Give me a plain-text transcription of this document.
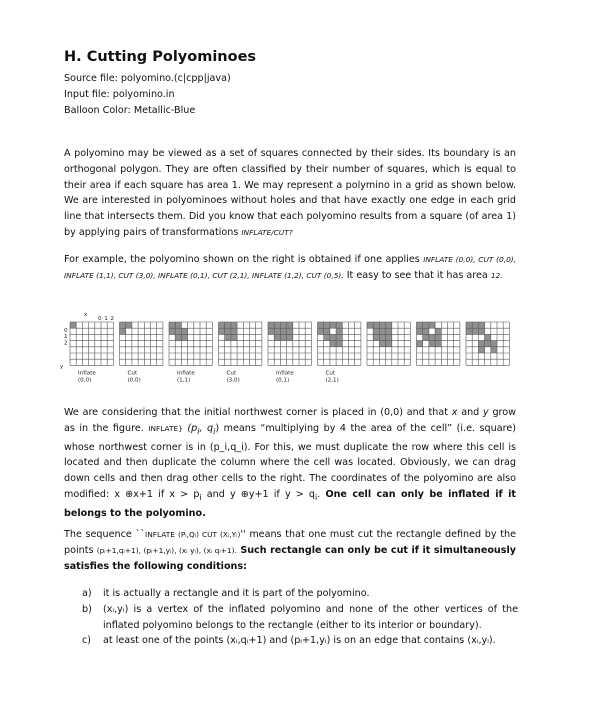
H. Cutting Polyominoes
Source file: polyomino.(c|cpp|java)
Input file: polyomino.in
Balloon Color: Metallic-Blue
A polyomino may be viewed as a set of squares connected by their sides. Its boundary is an orthogonal polygon. They are often classified by their number of squares, which is equal to their area if each square has area 1. We may represent a polymino in a grid as shown below. We are interested in polyominoes without holes and that have exactly one edge in each grid line that intersects them. Did you know that each polyomino results from a square (of area 1) by applying pairs of transformations INFLATE/CUT?
For example, the polyomino shown on the right is obtained if one applies INFLATE (0,0), CUT (0,0), INFLATE (1,1), CUT (3,0), INFLATE (0,1), CUT (2,1), INFLATE (1,2), CUT (0,5). It easy to see that it has area 12.
Inflate
(0,0)
Cut
(0,0)
Inflate
(1,1)
Cut
(3,0)
Inflate
(0,1)
Cut
(2,1)
x
y
0
0
1
1
2
2
We are considering that the initial northwest corner is placed in (0,0) and that x and y grow as in the figure. INFLATE} ($p_i$, $q_i$) means “multiplying by 4 the area of the cell” (i.e. square) whose northwest corner is in (p_i,q_i). For this, we must duplicate the row where this cell is located and then duplicate the column where the cell was located. Obviously, we can drag down cells and then drag other cells to the right. The coordinates of the polyomino are also modified: x ⊕x+1 if $x > p_i$ and y ⊕y+1 if $y > q_i$. One cell can only be inflated if it belongs to the polyomino.
The sequence ``INFLATE (Pᵢ,Qᵢ) CUT (Xᵢ,Yᵢ)'' means that one must cut the rectangle defined by the points (pᵢ+1,qᵢ+1), (pᵢ+1,yᵢ), (xᵢ yᵢ), (xᵢ qᵢ+1). Such rectangle can only be cut if it simultaneously satisfies the following conditions:
a) it is actually a rectangle and it is part of the polyomino.
b) (xᵢ,yᵢ) is a vertex of the inflated polyomino and none of the other vertices of the inflated polyomino belongs to the rectangle (either to its interior or boundary).
c) at least one of the points (xᵢ,qᵢ+1) and (pᵢ+1,yᵢ) is on an edge that contains (xᵢ,yᵢ).
